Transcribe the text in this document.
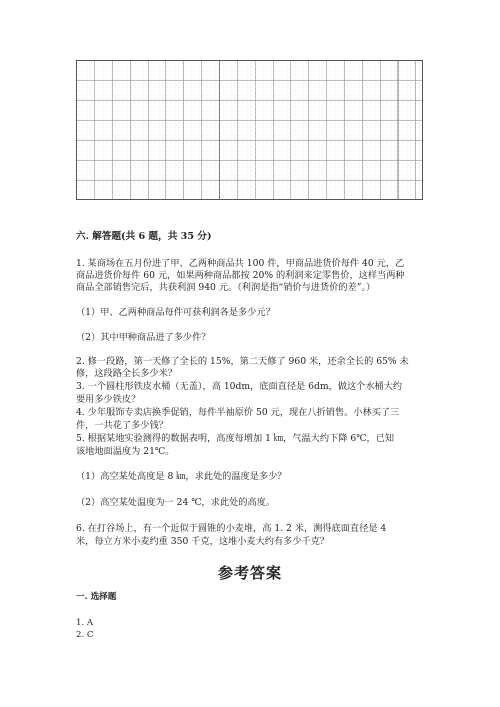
六. 解答题(共 6 题，共 35 分)
1. 某商场在五月份进了甲、乙两种商品共 100 件，甲商品进货价每件 40 元，乙
商品进货价每件 60 元，如果两种商品都按 20% 的利润来定零售价，这样当两种
商品全部销售完后，共获利润 940 元。（利润是指“销价与进货价的差”。）
（1）甲、乙两种商品每件可获利润各是多少元？
（2）其中甲种商品进了多少件？
2. 修一段路，第一天修了全长的 15%，第二天修了 960 米，还余全长的 65% 未
修，这段路全长多少米？
3. 一个圆柱形铁皮水桶（无盖），高 10dm，底面直径是 6dm，做这个水桶大约
要用多少铁皮？
4. 少年服饰专卖店换季促销，每件半袖原价 50 元，现在八折销售。小林买了三
件，一共花了多少钱？
5. 根据某地实验测得的数据表明，高度每增加 1 ㎞，气温大约下降 6℃，已知
该地地面温度为 21℃。
（1）高空某处高度是 8 ㎞，求此处的温度是多少？
（2）高空某处温度为一 24 ℃，求此处的高度。
6. 在打谷场上，有一个近似于圆锥的小麦堆，高 1. 2 米，测得底面直径是 4
米，每立方米小麦约重 350 千克，这堆小麦大约有多少千克？
参考答案
一. 选择题
1. A
2. C
